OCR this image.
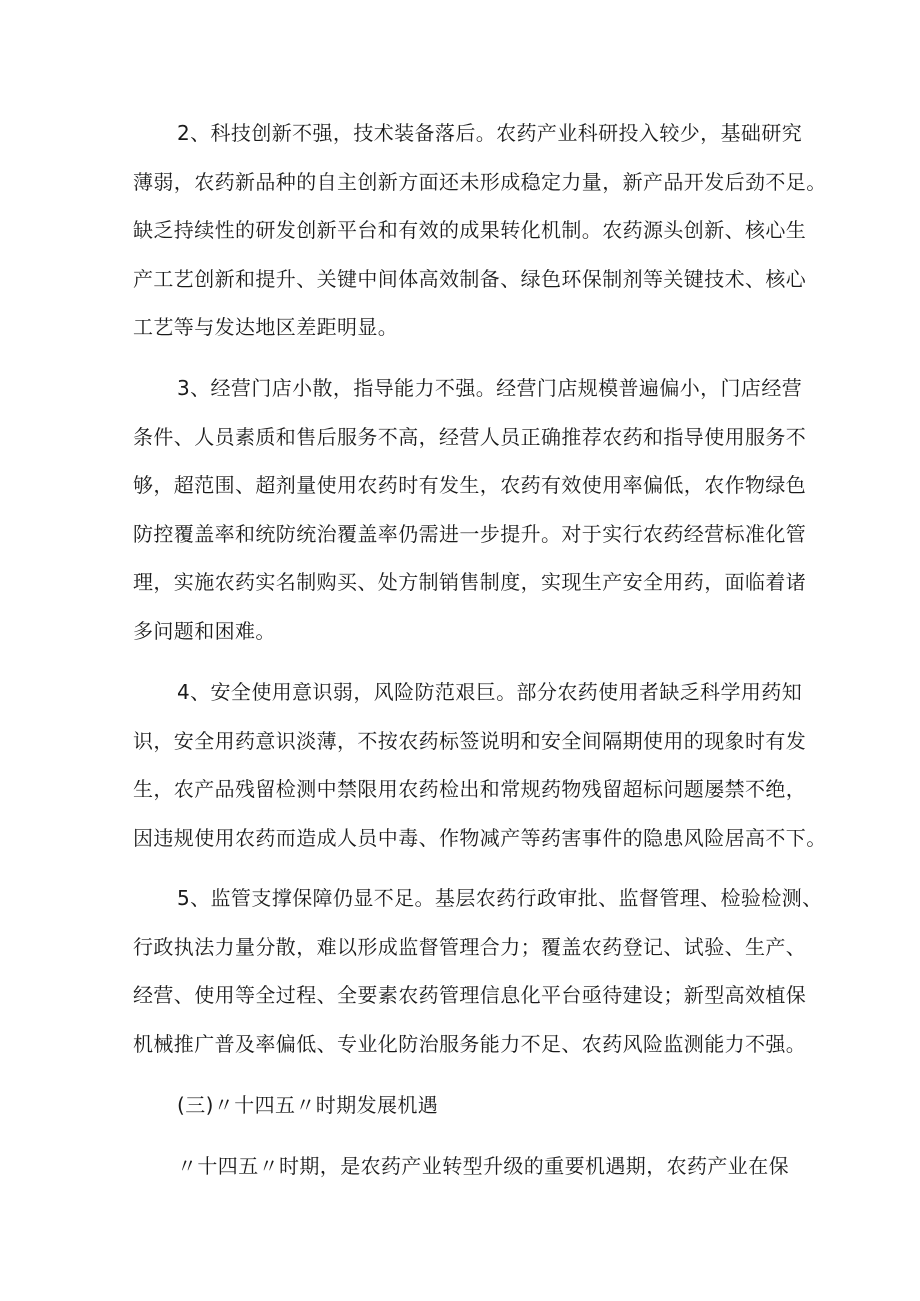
2、科技创新不强，技术装备落后。农药产业科研投入较少，基础研究
薄弱，农药新品种的自主创新方面还未形成稳定力量，新产品开发后劲不足。
缺乏持续性的研发创新平台和有效的成果转化机制。农药源头创新、核心生
产工艺创新和提升、关键中间体高效制备、绿色环保制剂等关键技术、核心
工艺等与发达地区差距明显。
3、经营门店小散，指导能力不强。经营门店规模普遍偏小，门店经营
条件、人员素质和售后服务不高，经营人员正确推荐农药和指导使用服务不
够，超范围、超剂量使用农药时有发生，农药有效使用率偏低，农作物绿色
防控覆盖率和统防统治覆盖率仍需进一步提升。对于实行农药经营标准化管
理，实施农药实名制购买、处方制销售制度，实现生产安全用药，面临着诸
多问题和困难。
4、安全使用意识弱，风险防范艰巨。部分农药使用者缺乏科学用药知
识，安全用药意识淡薄，不按农药标签说明和安全间隔期使用的现象时有发
生，农产品残留检测中禁限用农药检出和常规药物残留超标问题屡禁不绝，
因违规使用农药而造成人员中毒、作物减产等药害事件的隐患风险居高不下。
5、监管支撑保障仍显不足。基层农药行政审批、监督管理、检验检测、
行政执法力量分散，难以形成监督管理合力；覆盖农药登记、试验、生产、
经营、使用等全过程、全要素农药管理信息化平台亟待建设；新型高效植保
机械推广普及率偏低、专业化防治服务能力不足、农药风险监测能力不强。
(三)〃十四五〃时期发展机遇
〃十四五〃时期，是农药产业转型升级的重要机遇期，农药产业在保
